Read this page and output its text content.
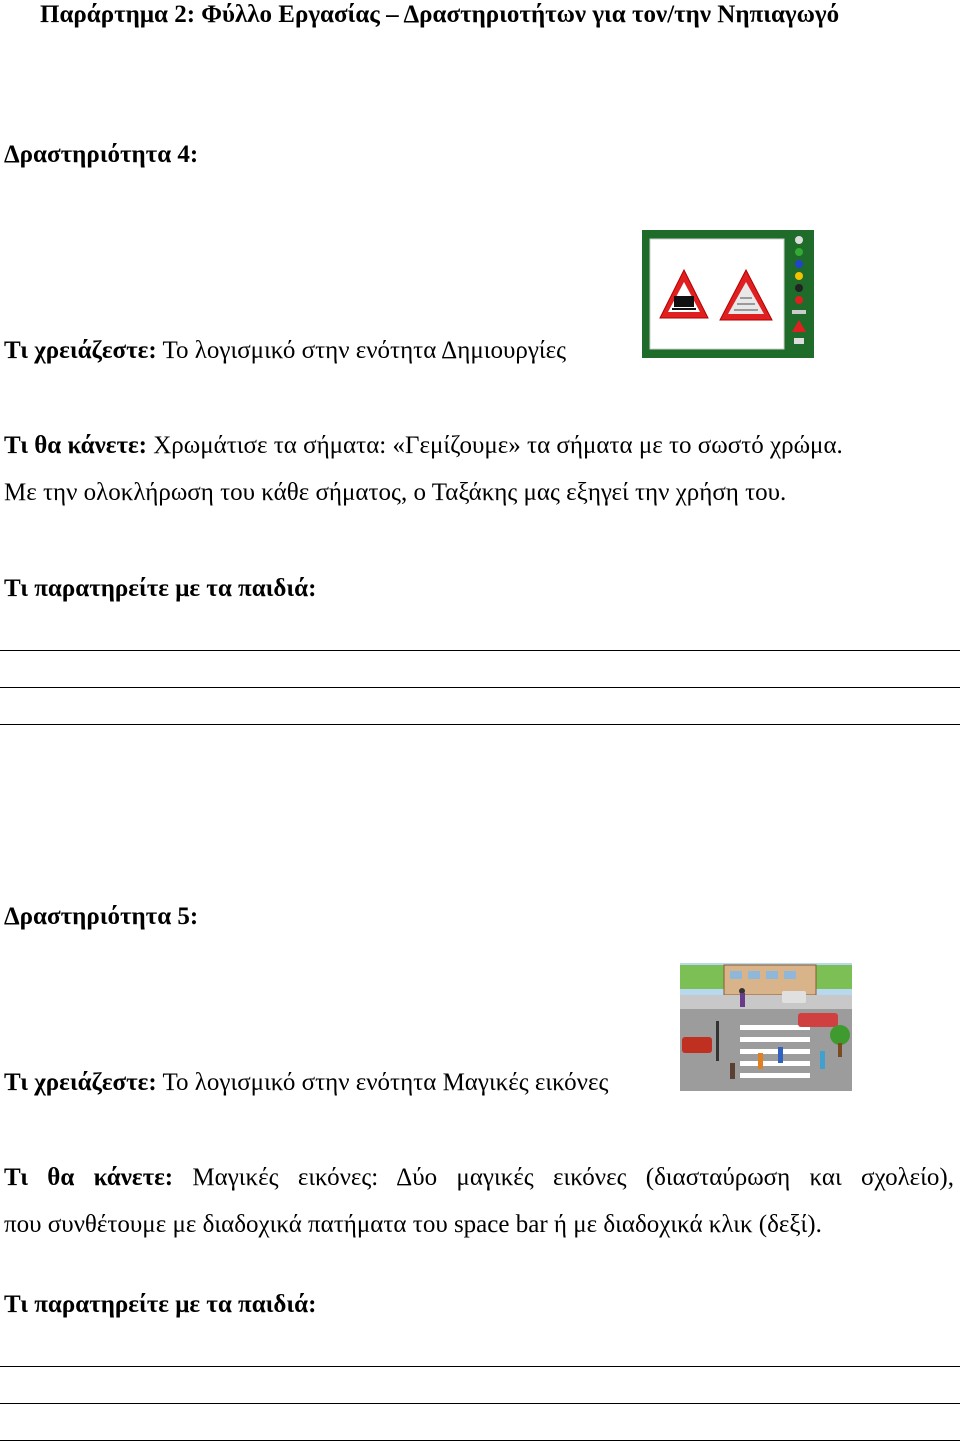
Παράρτημα 2: Φύλλο Εργασίας – Δραστηριοτήτων για τον/την Νηπιαγωγό
Δραστηριότητα 4:
Τι χρειάζεστε: Το λογισμικό στην ενότητα Δημιουργίες
Τι θα κάνετε: Χρωμάτισε τα σήματα: «Γεμίζουμε» τα σήματα με το σωστό χρώμα.
Με την ολοκλήρωση του κάθε σήματος, ο Ταξάκης μας εξηγεί την χρήση του.
Τι παρατηρείτε με τα παιδιά:
Δραστηριότητα 5:
Τι χρειάζεστε: Το λογισμικό στην ενότητα Μαγικές εικόνες
Τι θα κάνετε: Μαγικές εικόνες: Δύο μαγικές εικόνες (διασταύρωση και σχολείο),
που συνθέτουμε με διαδοχικά πατήματα του space bar ή με διαδοχικά κλικ (δεξί).
Τι παρατηρείτε με τα παιδιά:
